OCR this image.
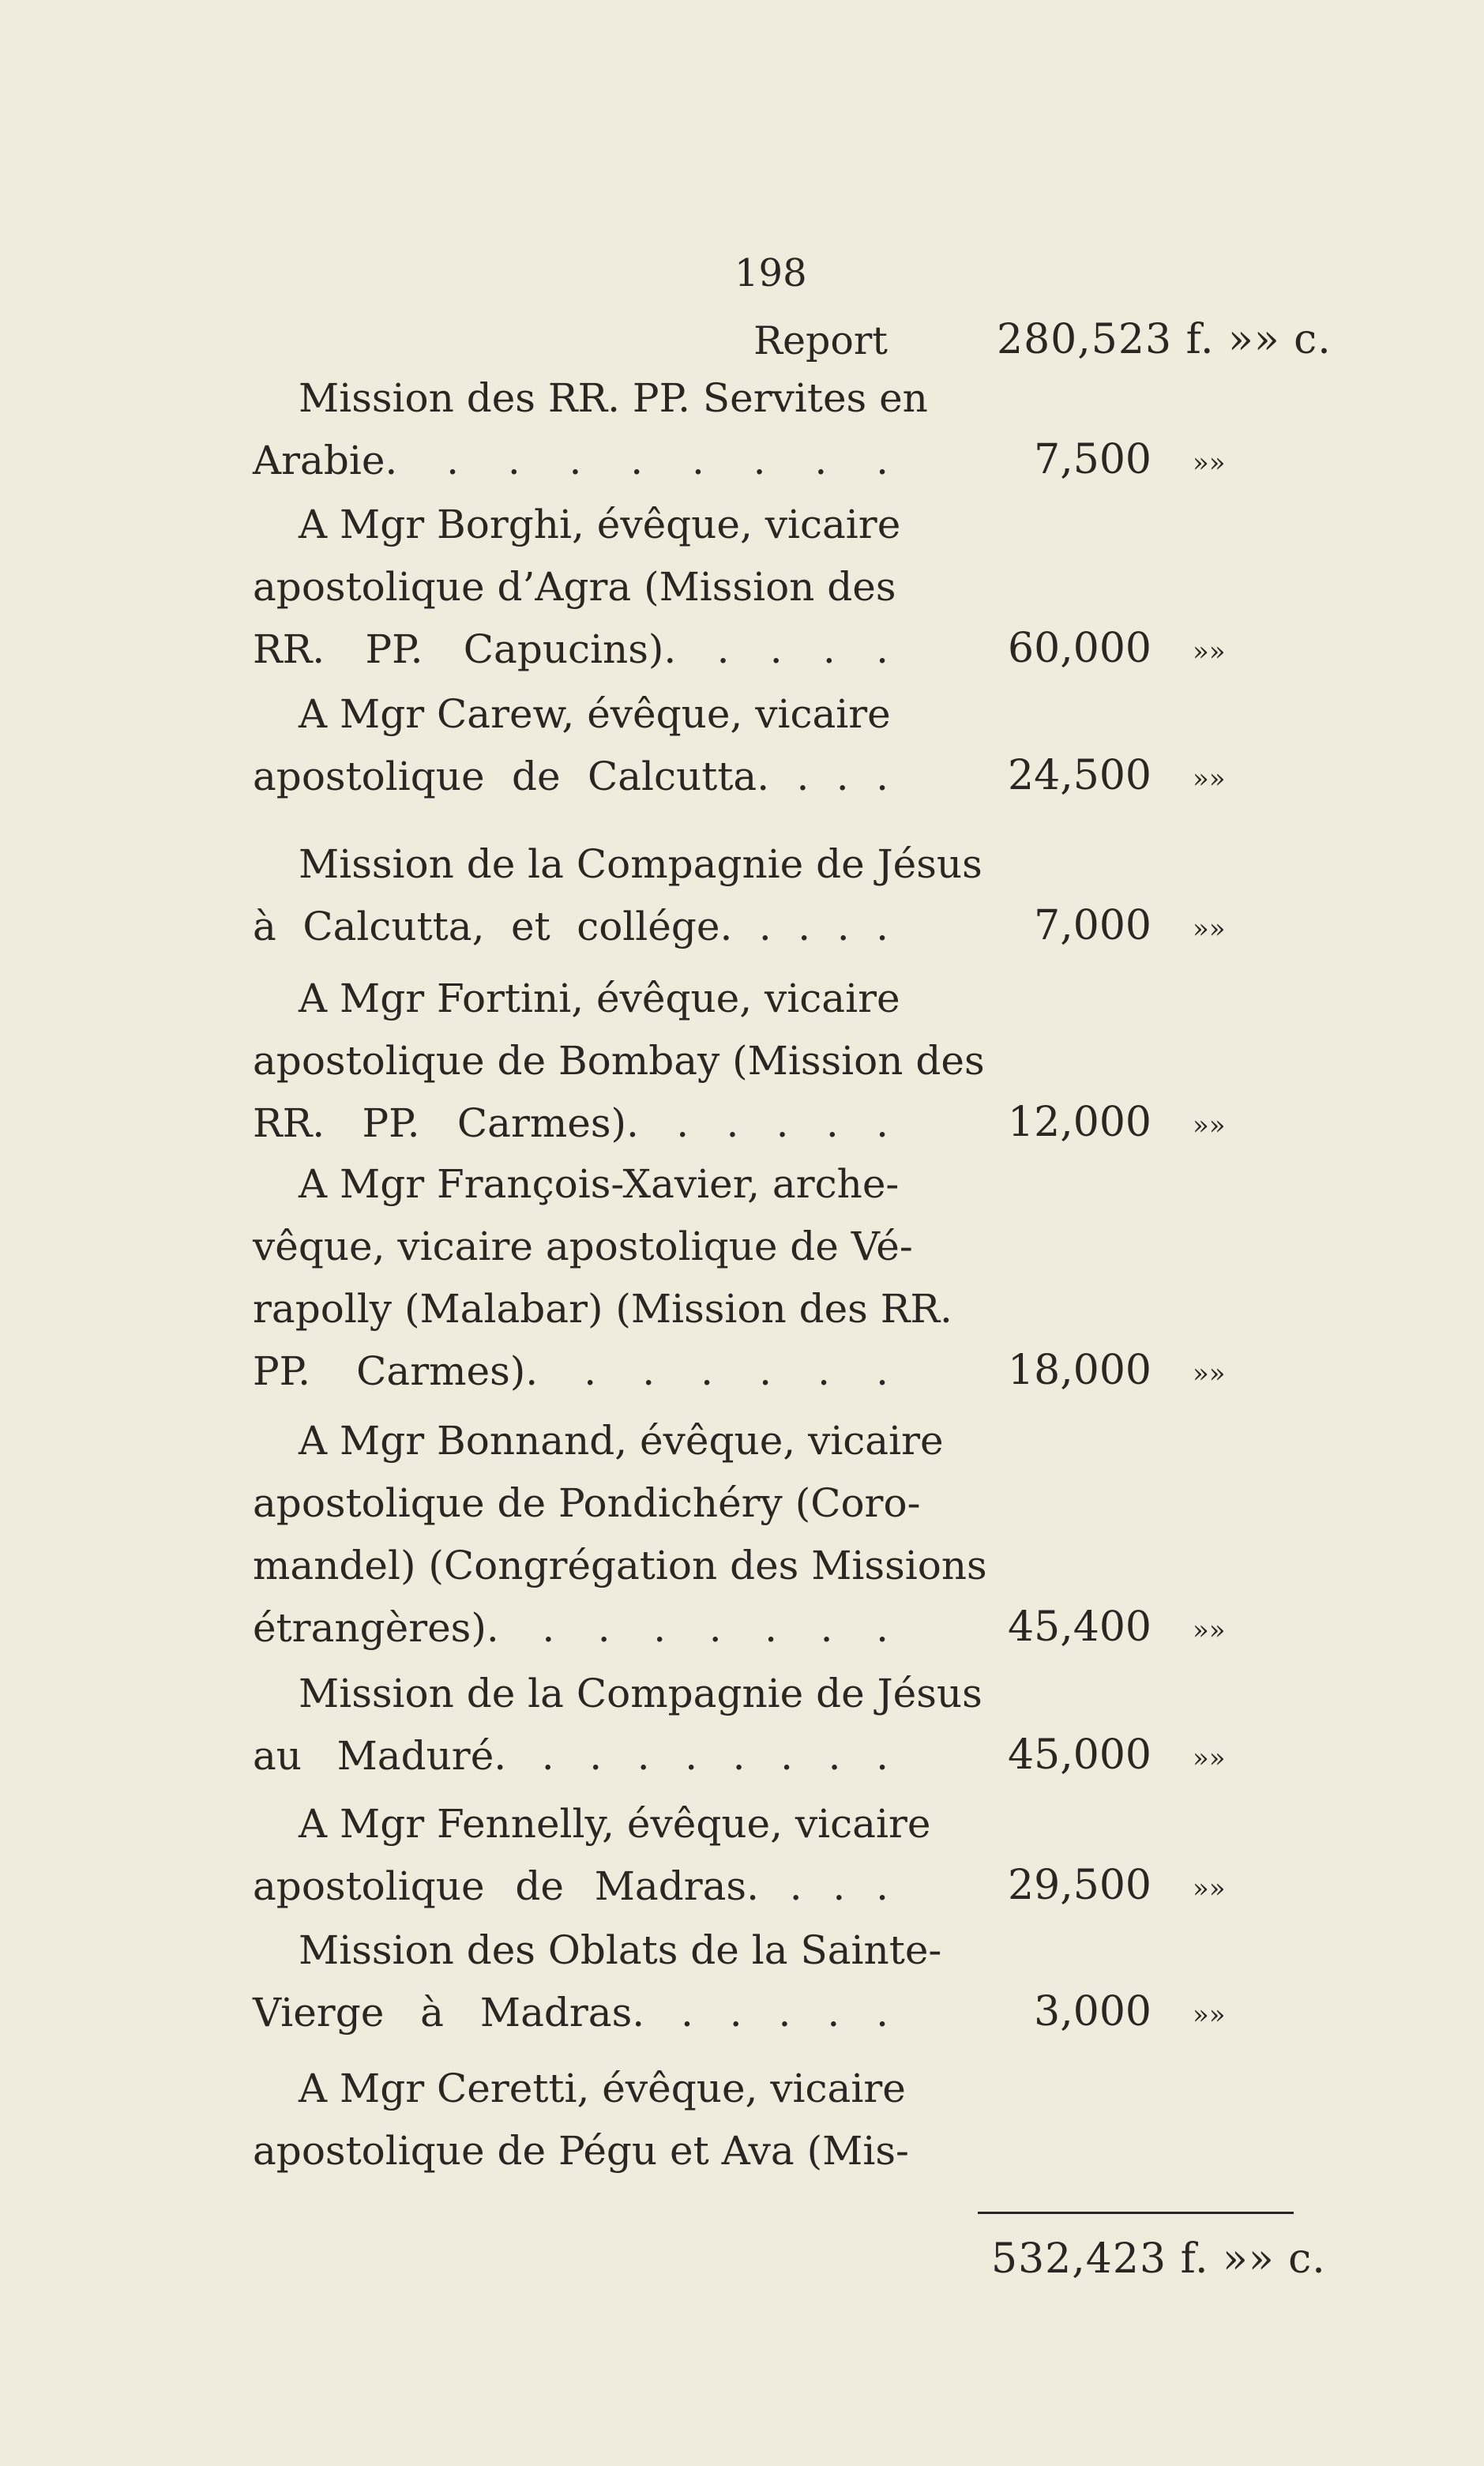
198
Report	280,523 f. »» c.
Mission des RR. PP. Servites en
Arabie. . . . . . . . .	7,500 »»
A Mgr Borghi, évêque, vicaire
apostolique d’Agra (Mission des
RR. PP. Capucins). . . . .	60,000 »»
A Mgr Carew, évêque, vicaire
apostolique de Calcutta. . . .	24,500 »»
Mission de la Compagnie de Jésus
à Calcutta, et collége. . . . .	7,000 »»
A Mgr Fortini, évêque, vicaire
apostolique de Bombay (Mission des
RR. PP. Carmes). . . . . .	12,000 »»
A Mgr François-Xavier, arche-
vêque, vicaire apostolique de Vé-
rapolly (Malabar) (Mission des RR.
PP. Carmes). . . . . . .	18,000 »»
A Mgr Bonnand, évêque, vicaire
apostolique de Pondichéry (Coro-
mandel) (Congrégation des Missions
étrangères). . . . . . . .	45,400 »»
Mission de la Compagnie de Jésus
au Maduré. . . . . . . . .	45,000 »»
A Mgr Fennelly, évêque, vicaire
apostolique de Madras. . . .	29,500 »»
Mission des Oblats de la Sainte-
Vierge à Madras. . . . . .	3,000 »»
A Mgr Ceretti, évêque, vicaire
apostolique de Pégu et Ava (Mis-
532,423 f. »» c.
